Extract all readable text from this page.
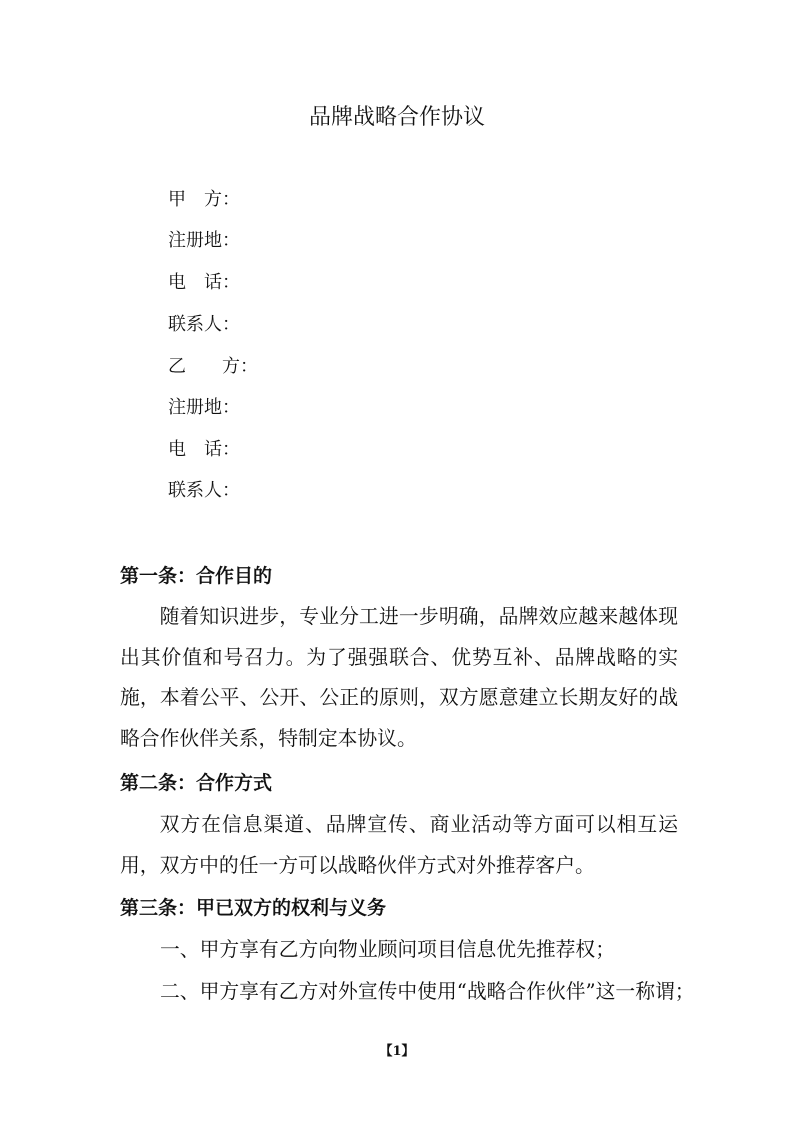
品牌战略合作协议
甲　方：
注册地：
电　话：
联系人：
乙　　方：
注册地：
电　话：
联系人：
第一条：合作目的
随着知识进步，专业分工进一步明确，品牌效应越来越体现出其价值和号召力。为了强强联合、优势互补、品牌战略的实施，本着公平、公开、公正的原则，双方愿意建立长期友好的战略合作伙伴关系，特制定本协议。
第二条：合作方式
双方在信息渠道、品牌宣传、商业活动等方面可以相互运用，双方中的任一方可以战略伙伴方式对外推荐客户。
第三条：甲已双方的权利与义务
一、甲方享有乙方向物业顾问项目信息优先推荐权；
二、甲方享有乙方对外宣传中使用“战略合作伙伴”这一称谓；
【1】
